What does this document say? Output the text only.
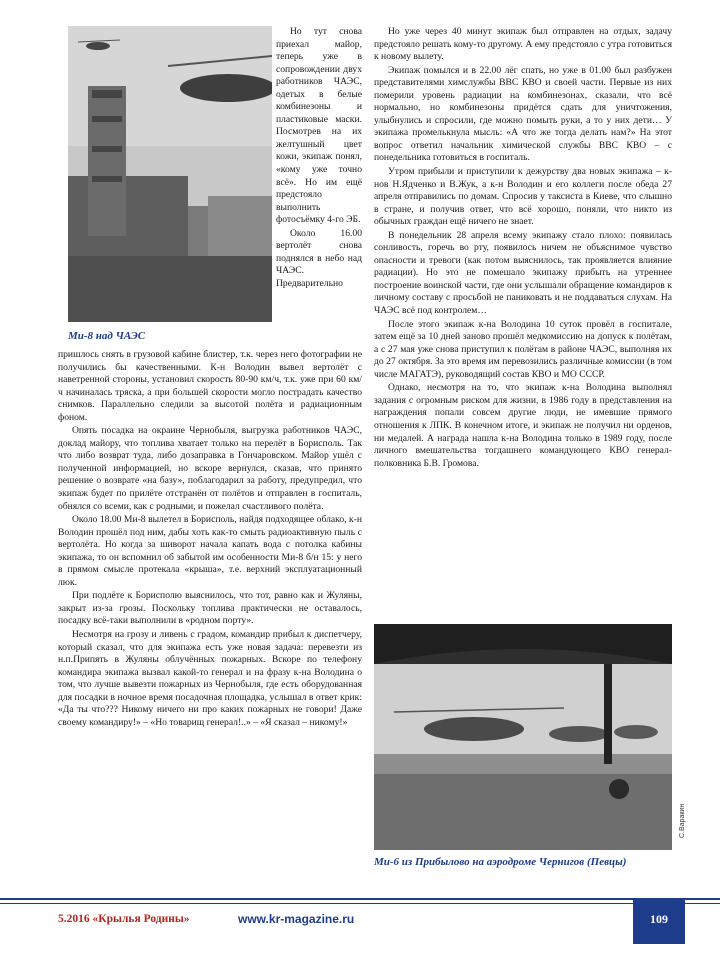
Ми-8 над ЧАЭС

Но тут снова приехал майор, теперь уже в сопровождении двух работников ЧАЭС, одетых в белые комбинезоны и пластиковые маски. Посмотрев на их желтушный цвет кожи, экипаж понял, «кому уже точно всё». Но им ещё предстояло выполнить фотосъёмку 4-го ЭБ.

Около 16.00 вертолёт снова поднялся в небо над ЧАЭС. Предварительно

пришлось снять в грузовой кабине блистер, т.к. через него фотографии не получились бы качественными. К-н Володин вывел вертолёт с наветренной стороны, установил скорость 80-90 км/ч, т.к. уже при 60 км/ч начиналась тряска, а при большей скорости могло пострадать качество снимков. Параллельно следили за высотой полёта и радиационным фоном.

Опять посадка на окраине Чернобыля, выгрузка работников ЧАЭС, доклад майору, что топлива хватает только на перелёт в Борисполь. Так что либо возврат туда, либо дозаправка в Гончаровском. Майор ушёл с полученной информацией, но вскоре вернулся, сказав, что принято решение о возврате «на базу», поблагодарил за работу, предупредил, что экипаж будет по прилёте отстранён от полётов и отправлен в госпиталь, обнялся со всеми, как с родными, и пожелал счастливого полёта.

Около 18.00 Ми-8 вылетел в Борисполь, найдя подходящее облако, к-н Володин прошёл под ним, дабы хоть как-то смыть радиоактивную пыль с вертолёта. Но когда за шиворот начала капать вода с потолка кабины экипажа, то он вспомнил об забытой им особенности Ми-8 б/н 15: у него в прямом смысле протекала «крыша», т.е. верхний эксплуатационный люк.

При подлёте к Борисполю выяснилось, что тот, равно как и Жуляны, закрыт из-за грозы. Поскольку топлива практически не оставалось, посадку всё-таки выполнили в «родном порту».

Несмотря на грозу и ливень с градом, командир прибыл к диспетчеру, который сказал, что для экипажа есть уже новая задача: перевезти из н.п.Припять в Жуляны облучённых пожарных. Вскоре по телефону командира экипажа вызвал какой-то генерал и на фразу к-на Володина о том, что лучше вывезти пожарных из Чернобыля, где есть оборудованная для посадки в ночное время посадочная площадка, услышал в ответ крик: «Да ты что??? Никому ничего ни про каких пожарных не говори! Даже своему командиру!» – «Но товарищ генерал!..» – «Я сказал – никому!»

Но уже через 40 минут экипаж был отправлен на отдых, задачу предстояло решать кому-то другому. А ему предстояло с утра готовиться к новому вылету.

Экипаж помылся и в 22.00 лёг спать, но уже в 01.00 был разбужен представителями химслужбы ВВС КВО и своей части. Первые из них померили уровень радиации на комбинезонах, сказали, что всё нормально, но комбинезоны придётся сдать для уничтожения, улыбнулись и спросили, где можно помыть руки, а то у них дети… У экипажа промелькнула мысль: «А что же тогда делать нам?» На этот вопрос ответил начальник химической службы ВВС КВО – с понедельника готовиться в госпиталь.

Утром прибыли и приступили к дежурству два новых экипажа – к-нов Н.Ядченко и В.Жук, а к-н Володин и его коллеги после обеда 27 апреля отправились по домам. Спросив у таксиста в Киеве, что слышно в стране, и получив ответ, что всё хорошо, поняли, что никто из обычных граждан ещё ничего не знает.

В понедельник 28 апреля всему экипажу стало плохо: появилась сонливость, горечь во рту, появилось ничем не объяснимое чувство опасности и тревоги (как потом выяснилось, так проявляется влияние радиации). Но это не помешало экипажу прибыть на утреннее построение воинской части, где они услышали обращение командиров к личному составу с просьбой не паниковать и не поддаваться слухам. На ЧАЭС всё под контролем…

После этого экипаж к-на Володина 10 суток провёл в госпитале, затем ещё за 10 дней заново прошёл медкомиссию на допуск к полётам, а с 27 мая уже снова приступил к полётам в районе ЧАЭС, выполняя их до 27 октября. За это время им перевозились различные комиссии (в том числе МАГАТЭ), руководящий состав КВО и МО СССР.

Однако, несмотря на то, что экипаж к-на Володина выполнял задания с огромным риском для жизни, в 1986 году в представления на награждения попали совсем другие люди, не имевшие прямого отношения к ЛПК. В конечном итоге, и экипаж не получил ни орденов, ни медалей. А награда нашла к-на Володина только в 1989 году, после личного вмешательства тогдашнего командующего КВО генерал-полковника Б.В. Громова.

С.Варакин
Ми-6 из Прибылово на аэродроме Чернигов (Певцы)
5.2016 «Крылья Родины»	www.kr-magazine.ru	109
